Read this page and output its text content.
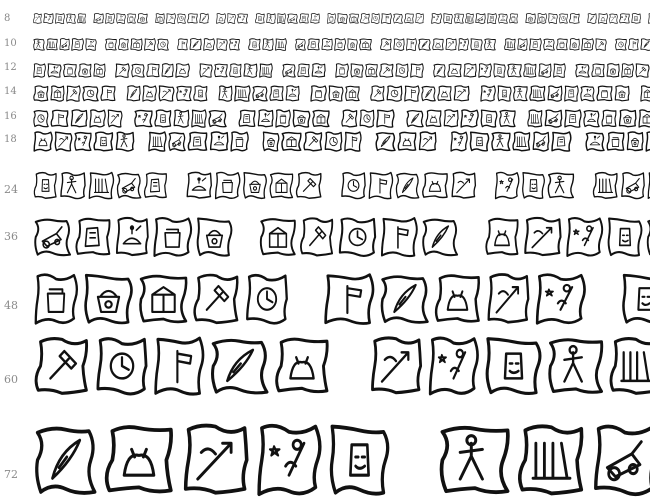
8
10
12
14
16
18
24
36
48
60
72
